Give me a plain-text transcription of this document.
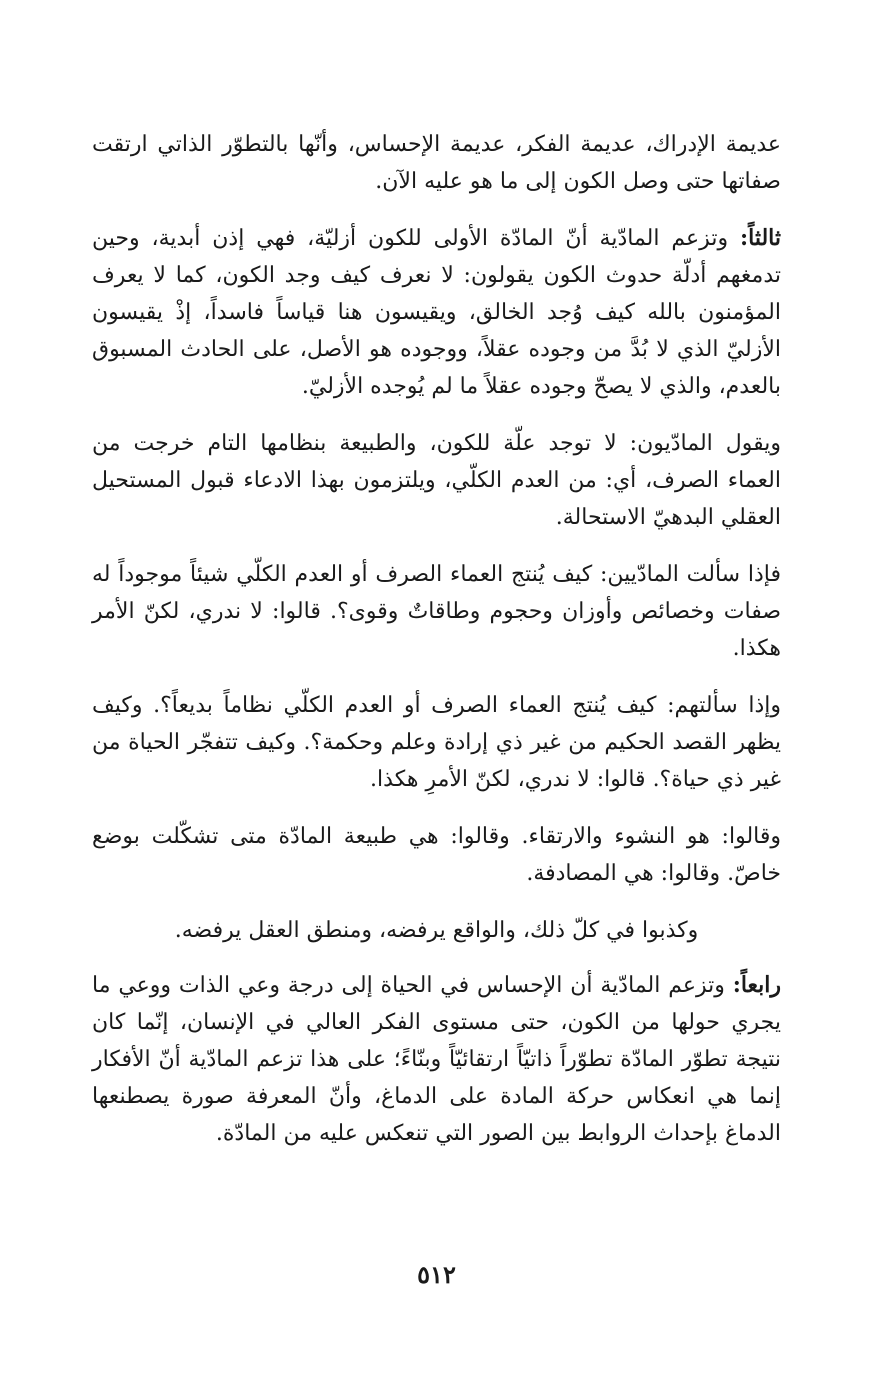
عديمة الإدراك، عديمة الفكر، عديمة الإحساس، وأنّها بالتطوّر الذاتي ارتقت صفاتها حتى وصل الكون إلى ما هو عليه الآن.

ثالثاً: وتزعم المادّية أنّ المادّة الأولى للكون أزليّة، فهي إذن أبدية، وحين تدمغهم أدلّة حدوث الكون يقولون: لا نعرف كيف وجد الكون، كما لا يعرف المؤمنون بالله كيف وُجد الخالق، ويقيسون هنا قياساً فاسداً، إذْ يقيسون الأزليّ الذي لا بُدَّ من وجوده عقلاً، ووجوده هو الأصل، على الحادث المسبوق بالعدم، والذي لا يصحّ وجوده عقلاً ما لم يُوجده الأزليّ.

ويقول المادّيون: لا توجد علّة للكون، والطبيعة بنظامها التام خرجت من العماء الصرف، أي: من العدم الكلّي، ويلتزمون بهذا الادعاء قبول المستحيل العقلي البدهيّ الاستحالة.

فإذا سألت المادّيين: كيف يُنتج العماء الصرف أو العدم الكلّي شيئاً موجوداً له صفات وخصائص وأوزان وحجوم وطاقاتٌ وقوى؟. قالوا: لا ندري، لكنّ الأمر هكذا.

وإذا سألتهم: كيف يُنتج العماء الصرف أو العدم الكلّي نظاماً بديعاً؟. وكيف يظهر القصد الحكيم من غير ذي إرادة وعلم وحكمة؟. وكيف تتفجّر الحياة من غير ذي حياة؟. قالوا: لا ندري، لكنّ الأمرِ هكذا.

وقالوا: هو النشوء والارتقاء. وقالوا: هي طبيعة المادّة متى تشكّلت بوضع خاصّ. وقالوا: هي المصادفة.

وكذبوا في كلّ ذلك، والواقع يرفضه، ومنطق العقل يرفضه.

رابعاً: وتزعم المادّية أن الإحساس في الحياة إلى درجة وعي الذات ووعي ما يجري حولها من الكون، حتى مستوى الفكر العالي في الإنسان، إنّما كان نتيجة تطوّر المادّة تطوّراً ذاتيّاً ارتقائيّاً وبنّاءً؛ على هذا تزعم المادّية أنّ الأفكار إنما هي انعكاس حركة المادة على الدماغ، وأنّ المعرفة صورة يصطنعها الدماغ بإحداث الروابط بين الصور التي تنعكس عليه من المادّة.

٥١٢
